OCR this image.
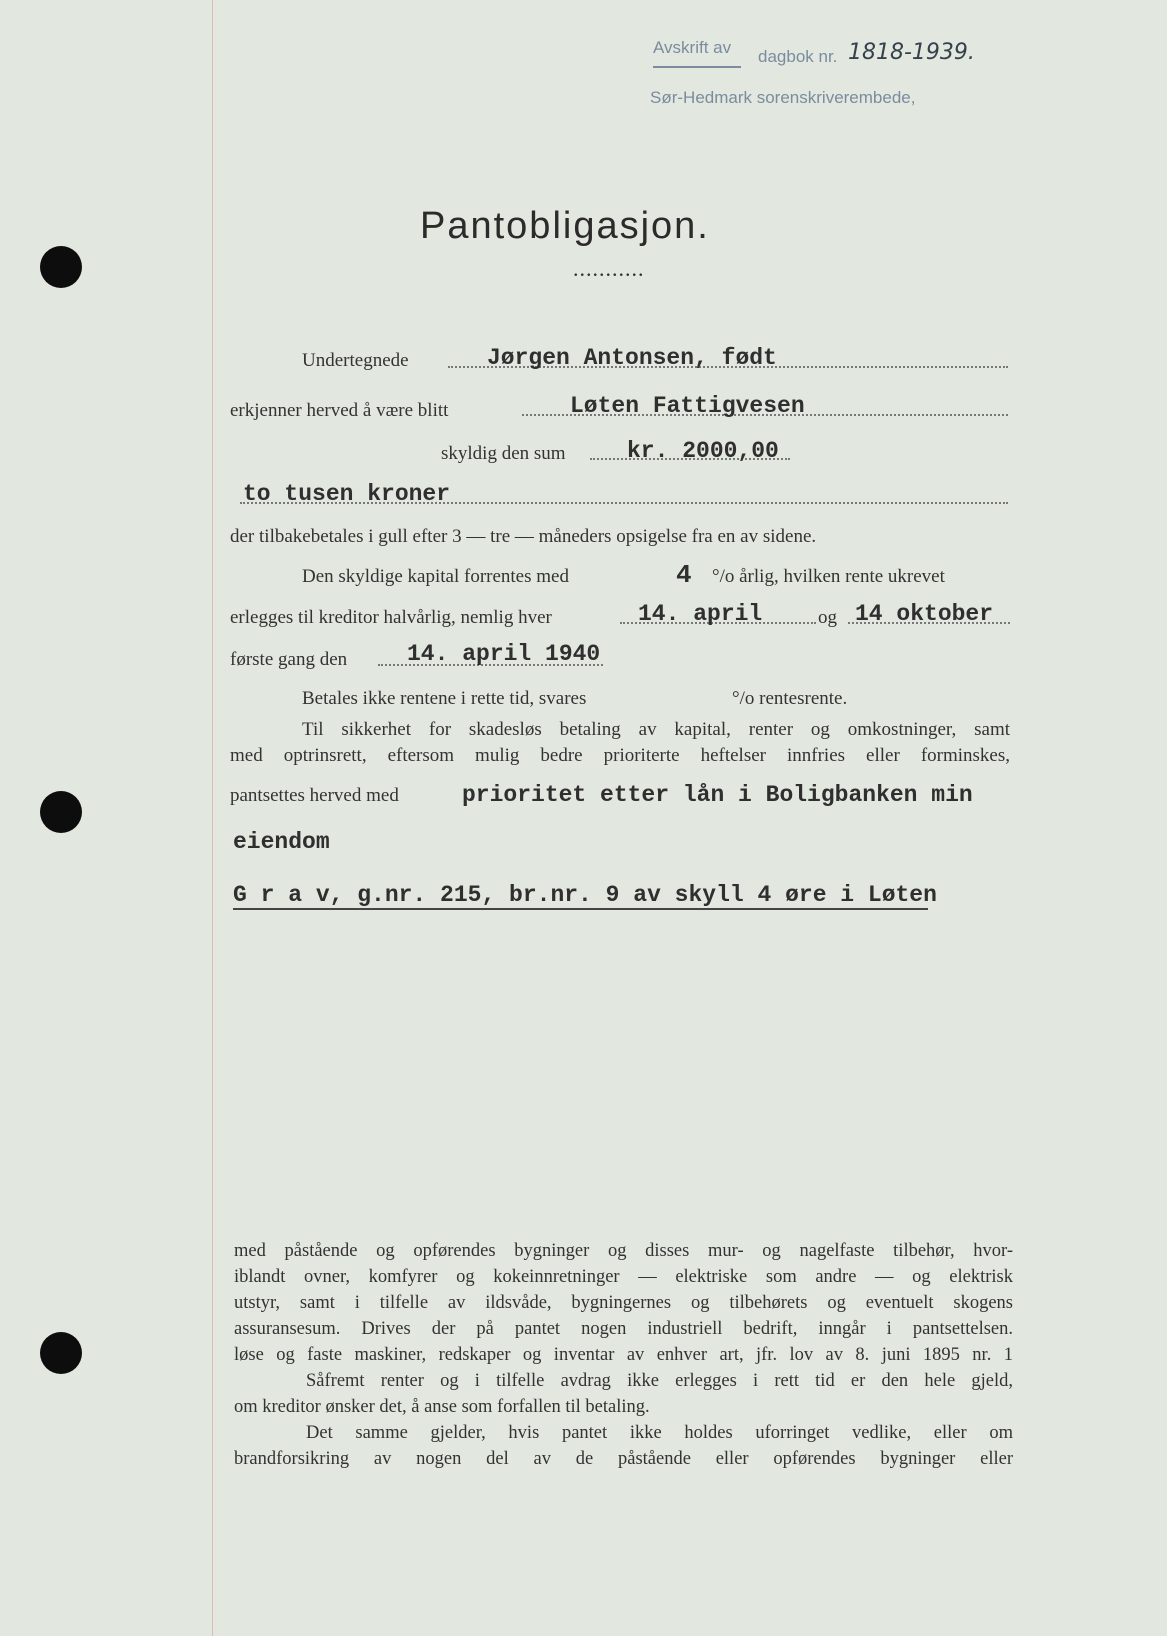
Avskrift av dagbok nr. 1818-1939.
Sør-Hedmark sorenskriverembede,
Pantobligasjon.
...........
Undertegnede	Jørgen Antonsen, født
erkjenner herved å være blitt	Løten Fattigvesen
skyldig den sum	kr. 2000,00
to tusen kroner
der tilbakebetales i gull efter 3 — tre — måneders opsigelse fra en av sidene.
Den skyldige kapital forrentes med	4 °/o årlig, hvilken rente ukrevet
erlegges til kreditor halvårlig, nemlig hver	14. april	og 14 oktober
første gang den	14. april 1940
Betales ikke rentene i rette tid, svares	°/o rentesrente.
Til sikkerhet for skadesløs betaling av kapital, renter og omkostninger, samt
med optrinsrett, eftersom mulig bedre prioriterte heftelser innfries eller forminskes,
pantsettes herved med	prioritet etter lån i Boligbanken min
eiendom
G r a v, g.nr. 215, br.nr. 9 av skyll 4 øre i Løten
med påstående og opførendes bygninger og disses mur- og nagelfaste tilbehør, hvor-
iblandt ovner, komfyrer og kokeinnretninger — elektriske som andre — og elektrisk
utstyr, samt i tilfelle av ildsvåde, bygningernes og tilbehørets og eventuelt skogens
assuransesum. Drives der på pantet nogen industriell bedrift, inngår i pantsettelsen.
løse og faste maskiner, redskaper og inventar av enhver art, jfr. lov av 8. juni 1895 nr. 1
Såfremt renter og i tilfelle avdrag ikke erlegges i rett tid er den hele gjeld,
om kreditor ønsker det, å anse som forfallen til betaling.
Det samme gjelder, hvis pantet ikke holdes uforringet vedlike, eller om
brandforsikring av nogen del av de påstående eller opførendes bygninger eller
